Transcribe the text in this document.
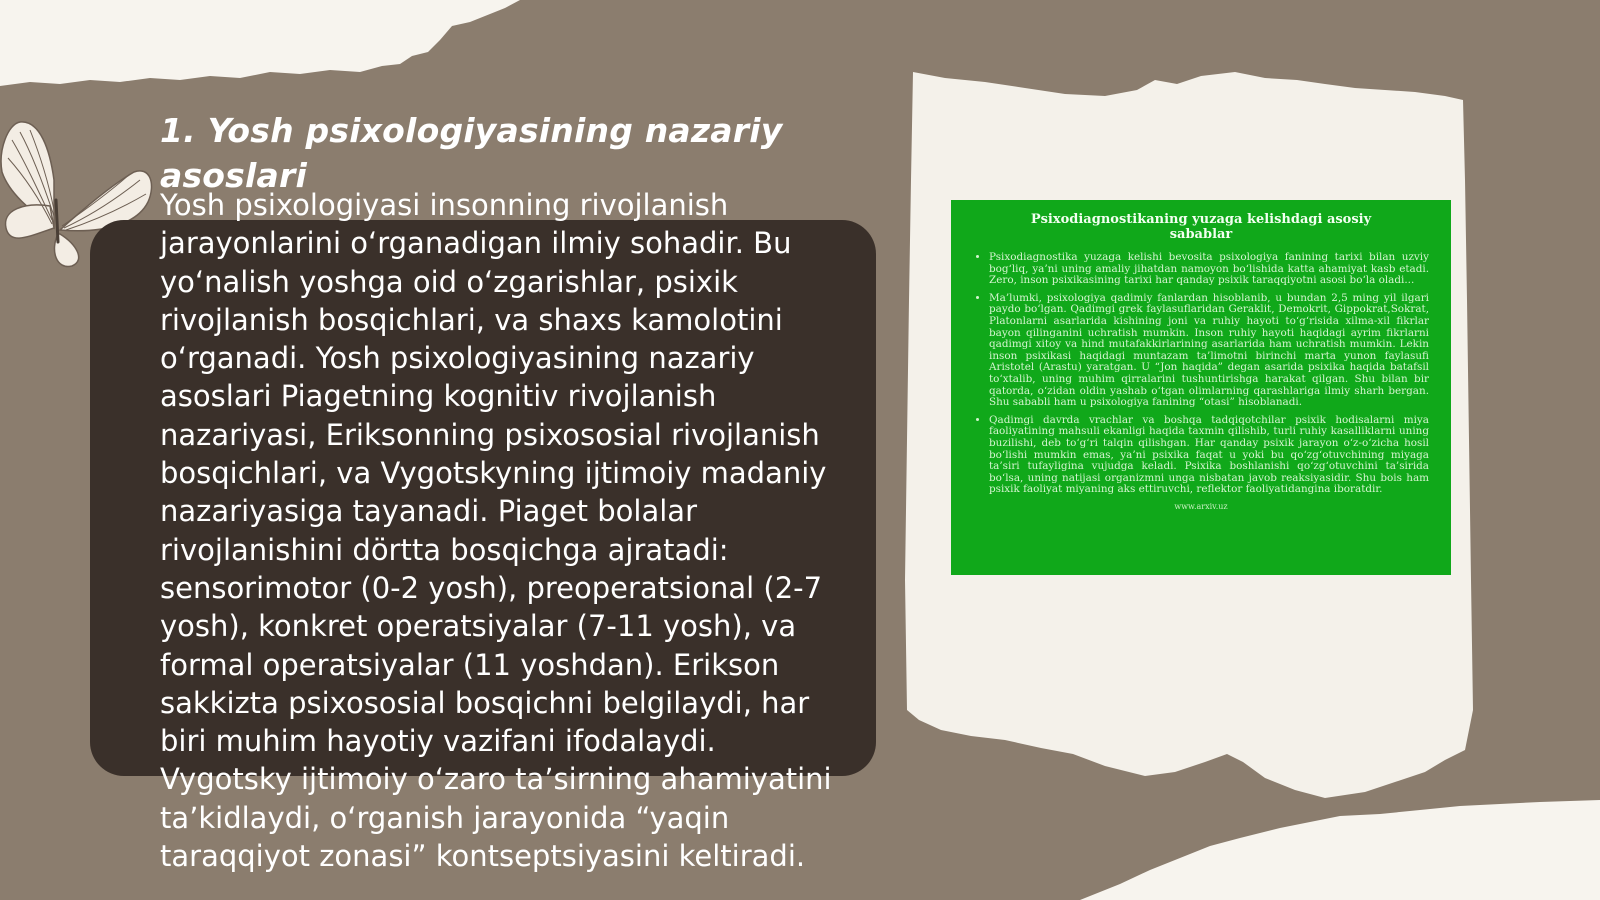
1. Yosh psixologiyasining nazariy asoslari

Yosh psixologiyasi insonning rivojlanish jarayonlarini o‘rganadigan ilmiy sohadir. Bu yo‘nalish yoshga oid o‘zgarishlar, psixik rivojlanish bosqichlari, va shaxs kamolotini o‘rganadi. Yosh psixologiyasining nazariy asoslari Piagetning kognitiv rivojlanish nazariyasi, Eriksonning psixososial rivojlanish bosqichlari, va Vygotskyning ijtimoiy madaniy nazariyasiga tayanadi. Piaget bolalar rivojlanishini dörtta bosqichga ajratadi: sensorimotor (0-2 yosh), preoperatsional (2-7 yosh), konkret operatsiyalar (7-11 yosh), va formal operatsiyalar (11 yoshdan). Erikson sakkizta psixososial bosqichni belgilaydi, har biri muhim hayotiy vazifani ifodalaydi. Vygotsky ijtimoiy o‘zaro ta’sirning ahamiyatini ta’kidlaydi, o‘rganish jarayonida “yaqin taraqqiyot zonasi” kontseptsiyasini keltiradi.

Psixodiagnostikaning yuzaga kelishdagi asosiy sabablar
• Psixodiagnostika yuzaga kelishi bevosita psixologiya fanining tarixi bilan uzviy bog‘liq, ya’ni uning amaliy jihatdan namoyon bo‘lishida katta ahamiyat kasb etadi. Zero, inson psixikasining tarixi har qanday psixik taraqqiyotni asosi bo‘la oladi...
• Ma’lumki, psixologiya qadimiy fanlardan hisoblanib, u bundan 2,5 ming yil ilgari paydo bo‘lgan. Qadimgi grek faylasuflaridan Geraklit, Demokrit, Gippokrat,Sokrat, Platonlarni asarlarida kishining joni va ruhiy hayoti to‘g‘risida xilma-xil fikrlar bayon qilinganini uchratish mumkin. Inson ruhiy hayoti haqidagi ayrim fikrlarni qadimgi xitoy va hind mutafakkirlarining asarlarida ham uchratish mumkin. Lekin inson psixikasi haqidagi muntazam ta’limotni birinchi marta yunon faylasufi Aristotel (Arastu) yaratgan. U “Jon haqida” degan asarida psixika haqida batafsil to‘xtalib, uning muhim qirralarini tushuntirishga harakat qilgan. Shu bilan bir qatorda, o‘zidan oldin yashab o‘tgan olimlarning qarashlariga ilmiy sharh bergan. Shu sababli ham u psixologiya fanining “otasi” hisoblanadi.
• Qadimgi davrda vrachlar va boshqa tadqiqotchilar psixik hodisalarni miya faoliyatining mahsuli ekanligi haqida taxmin qilishib, turli ruhiy kasalliklarni uning buzilishi, deb to‘g‘ri talqin qilishgan. Har qanday psixik jarayon o‘z-o‘zicha hosil bo‘lishi mumkin emas, ya’ni psixika faqat u yoki bu qo‘zg‘otuvchining miyaga ta’siri tufayligina vujudga keladi. Psixika boshlanishi qo‘zg‘otuvchini ta’sirida bo‘lsa, uning natijasi organizmni unga nisbatan javob reaksiyasidir. Shu bois ham psixik faoliyat miyaning aks ettiruvchi, reflektor faoliyatidangina iboratdir.
www.arxiv.uz
